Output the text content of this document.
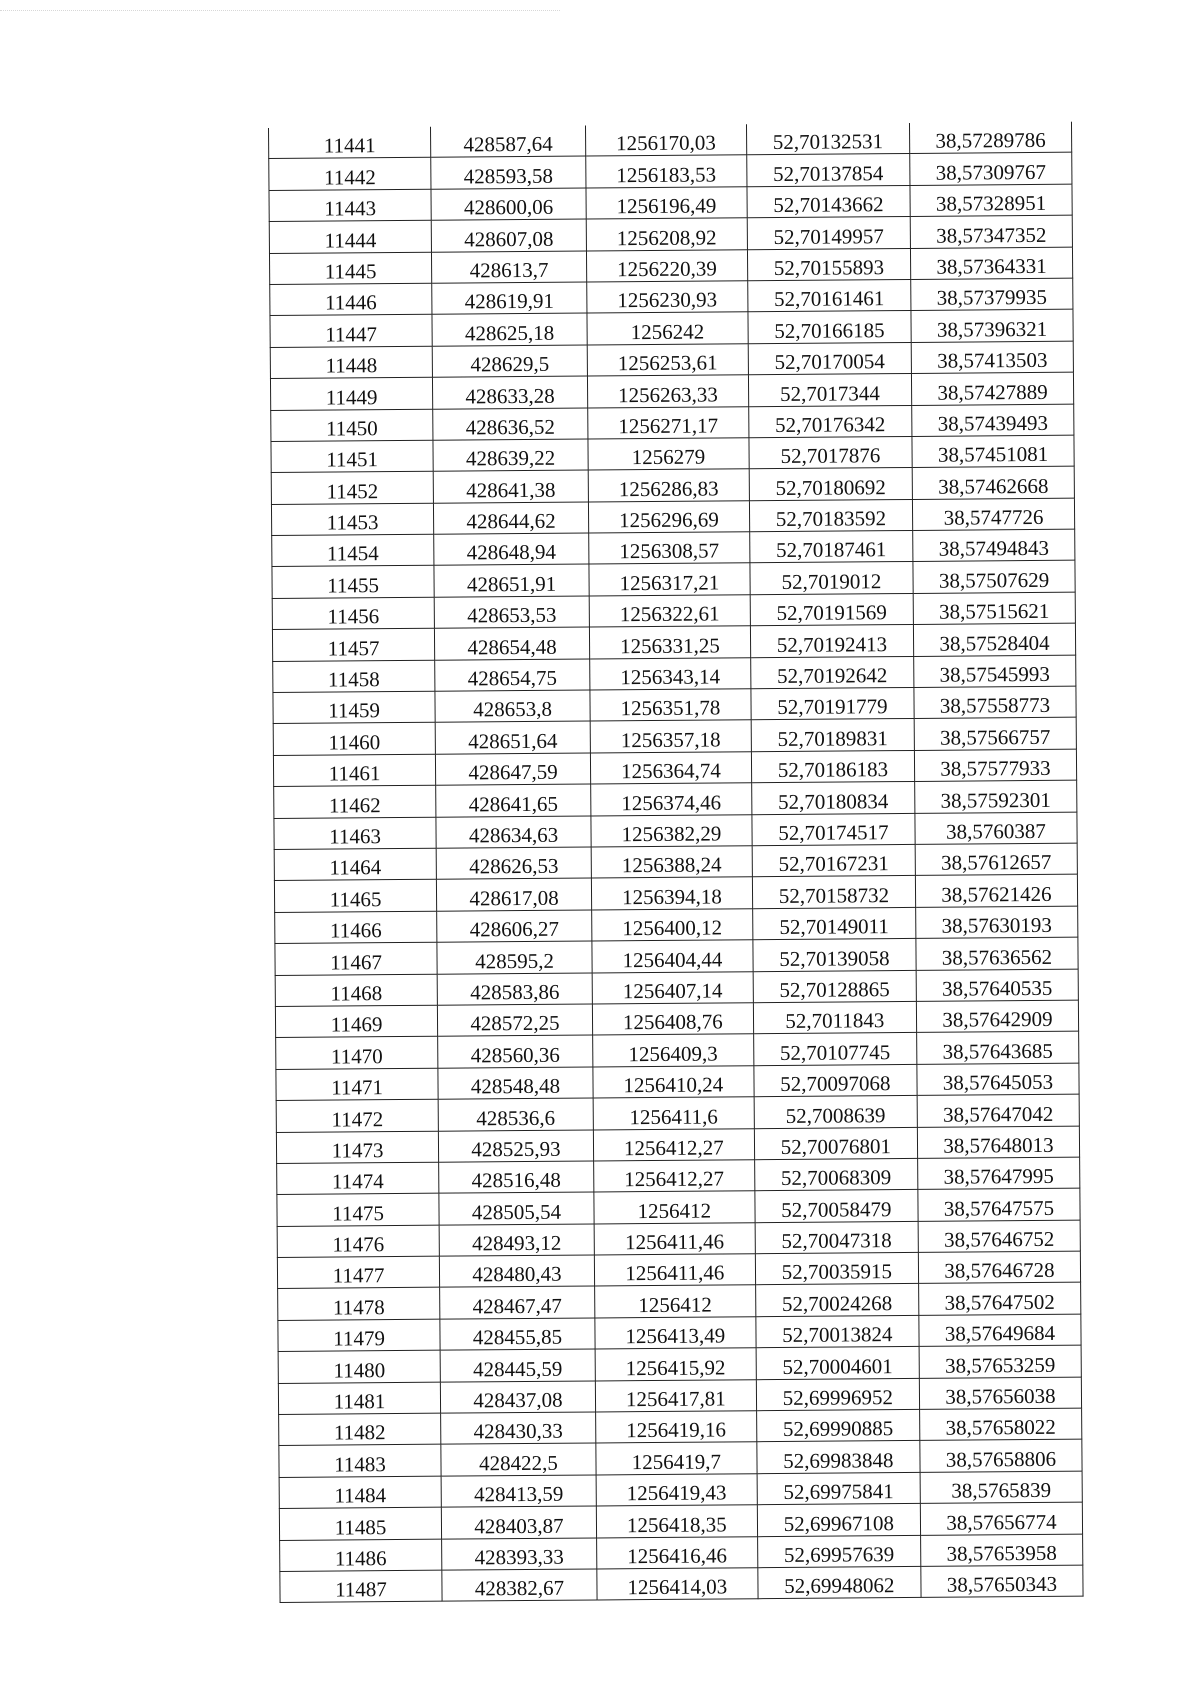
11441	428587,64	1256170,03	52,70132531	38,57289786
11442	428593,58	1256183,53	52,70137854	38,57309767
11443	428600,06	1256196,49	52,70143662	38,57328951
11444	428607,08	1256208,92	52,70149957	38,57347352
11445	428613,7	1256220,39	52,70155893	38,57364331
11446	428619,91	1256230,93	52,70161461	38,57379935
11447	428625,18	1256242	52,70166185	38,57396321
11448	428629,5	1256253,61	52,70170054	38,57413503
11449	428633,28	1256263,33	52,7017344	38,57427889
11450	428636,52	1256271,17	52,70176342	38,57439493
11451	428639,22	1256279	52,7017876	38,57451081
11452	428641,38	1256286,83	52,70180692	38,57462668
11453	428644,62	1256296,69	52,70183592	38,5747726
11454	428648,94	1256308,57	52,70187461	38,57494843
11455	428651,91	1256317,21	52,7019012	38,57507629
11456	428653,53	1256322,61	52,70191569	38,57515621
11457	428654,48	1256331,25	52,70192413	38,57528404
11458	428654,75	1256343,14	52,70192642	38,57545993
11459	428653,8	1256351,78	52,70191779	38,57558773
11460	428651,64	1256357,18	52,70189831	38,57566757
11461	428647,59	1256364,74	52,70186183	38,57577933
11462	428641,65	1256374,46	52,70180834	38,57592301
11463	428634,63	1256382,29	52,70174517	38,5760387
11464	428626,53	1256388,24	52,70167231	38,57612657
11465	428617,08	1256394,18	52,70158732	38,57621426
11466	428606,27	1256400,12	52,70149011	38,57630193
11467	428595,2	1256404,44	52,70139058	38,57636562
11468	428583,86	1256407,14	52,70128865	38,57640535
11469	428572,25	1256408,76	52,7011843	38,57642909
11470	428560,36	1256409,3	52,70107745	38,57643685
11471	428548,48	1256410,24	52,70097068	38,57645053
11472	428536,6	1256411,6	52,7008639	38,57647042
11473	428525,93	1256412,27	52,70076801	38,57648013
11474	428516,48	1256412,27	52,70068309	38,57647995
11475	428505,54	1256412	52,70058479	38,57647575
11476	428493,12	1256411,46	52,70047318	38,57646752
11477	428480,43	1256411,46	52,70035915	38,57646728
11478	428467,47	1256412	52,70024268	38,57647502
11479	428455,85	1256413,49	52,70013824	38,57649684
11480	428445,59	1256415,92	52,70004601	38,57653259
11481	428437,08	1256417,81	52,69996952	38,57656038
11482	428430,33	1256419,16	52,69990885	38,57658022
11483	428422,5	1256419,7	52,69983848	38,57658806
11484	428413,59	1256419,43	52,69975841	38,5765839
11485	428403,87	1256418,35	52,69967108	38,57656774
11486	428393,33	1256416,46	52,69957639	38,57653958
11487	428382,67	1256414,03	52,69948062	38,57650343
